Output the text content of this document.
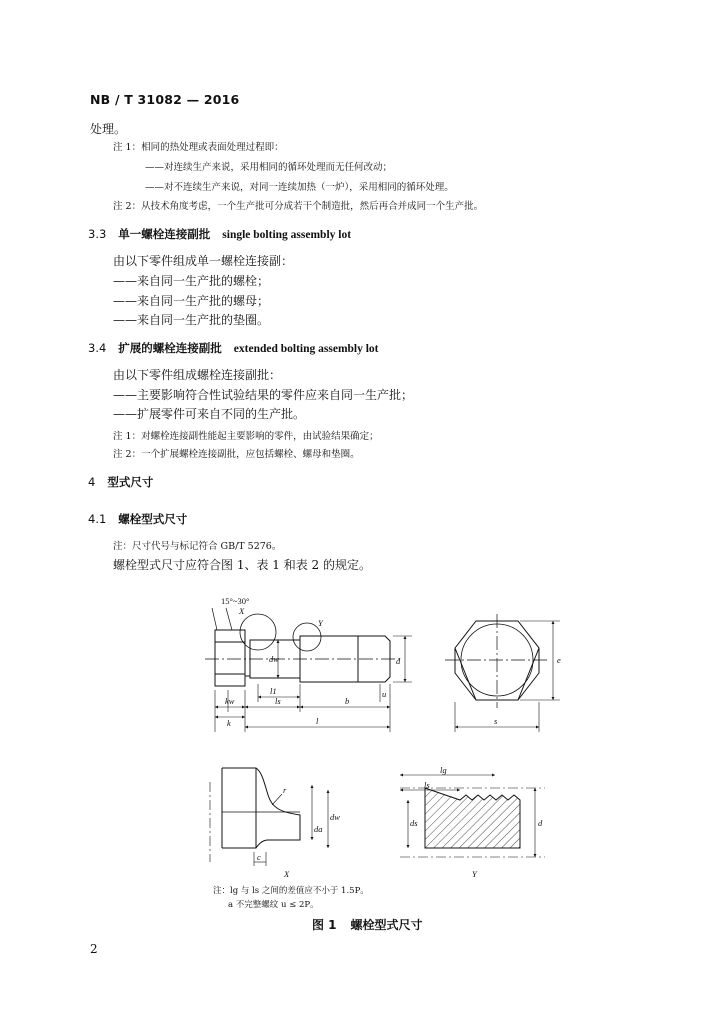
NB / T 31082 — 2016
处理。
注 1：相同的热处理或表面处理过程即：
——对连续生产来说，采用相同的循环处理而无任何改动；
——对不连续生产来说，对同一连续加热（一炉），采用相同的循环处理。
注 2：从技术角度考虑，一个生产批可分成若干个制造批，然后再合并成同一个生产批。
3.3 单一螺栓连接副批 single bolting assembly lot
由以下零件组成单一螺栓连接副：
——来自同一生产批的螺栓；
——来自同一生产批的螺母；
——来自同一生产批的垫圈。
3.4 扩展的螺栓连接副批 extended bolting assembly lot
由以下零件组成螺栓连接副批：
——主要影响符合性试验结果的零件应来自同一生产批；
——扩展零件可来自不同的生产批。
注 1：对螺栓连接副性能起主要影响的零件，由试验结果确定；
注 2：一个扩展螺栓连接副批，应包括螺栓、螺母和垫圈。
4 型式尺寸
4.1 螺栓型式尺寸
注：尺寸代号与标记符合 GB/T 5276。
螺栓型式尺寸应符合图 1、表 1 和表 2 的规定。
15°~30°
X
Y
dw	d
l1	u
ls	b
kw
k	l
e
s
r
da
dw
c
X
lg
ls
ds	d
Y
注：lg 与 ls 之间的差值应不小于 1.5P。
a 不完整螺纹 u ≤ 2P。
图 1 螺栓型式尺寸
2
